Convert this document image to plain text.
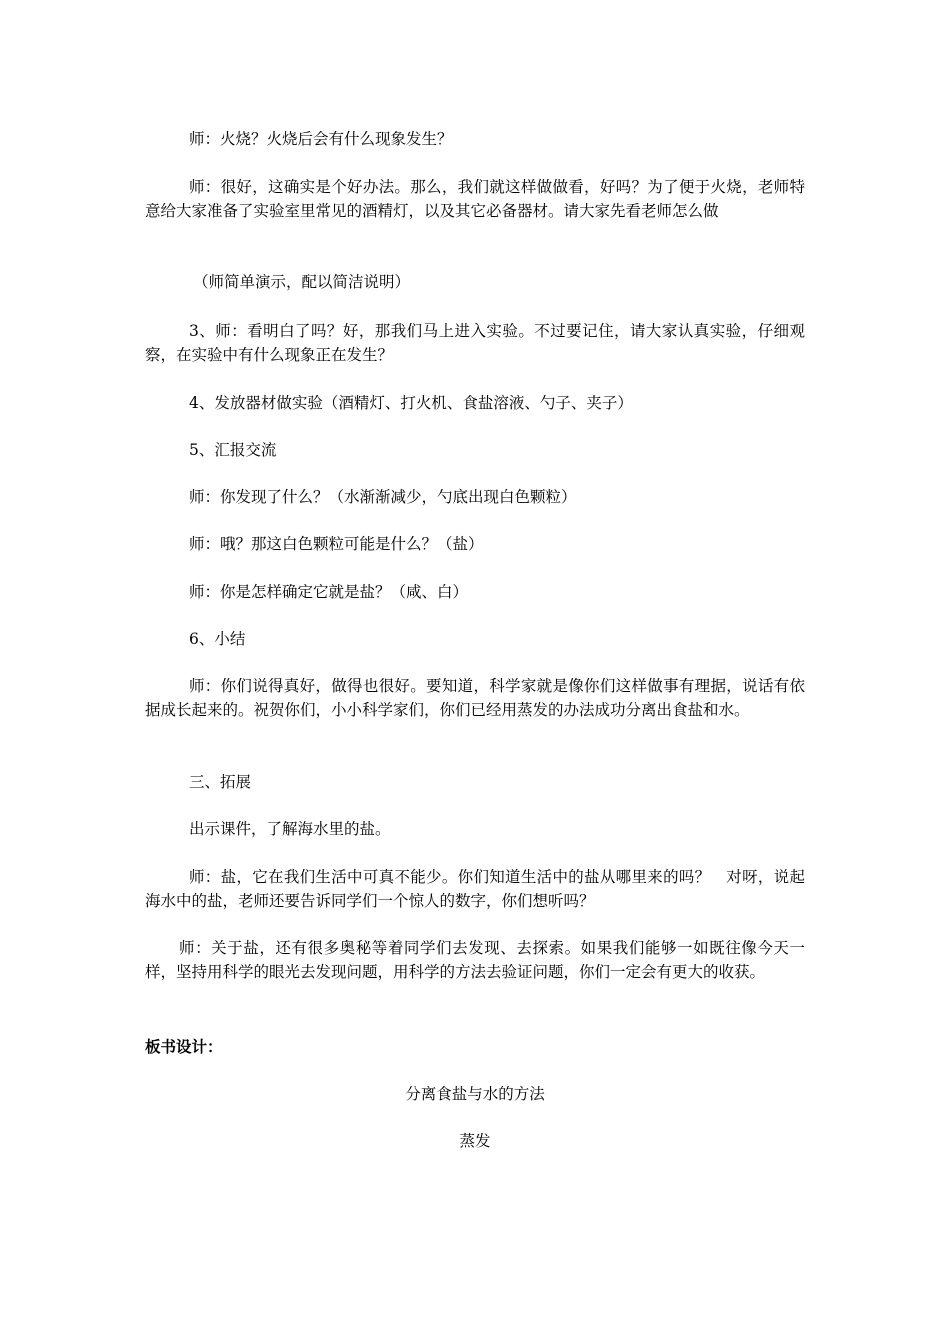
师：火烧？火烧后会有什么现象发生？

师：很好，这确实是个好办法。那么，我们就这样做做看，好吗？为了便于火烧，老师特意给大家准备了实验室里常见的酒精灯，以及其它必备器材。请大家先看老师怎么做

（师简单演示，配以简洁说明）

3、师：看明白了吗？好，那我们马上进入实验。不过要记住，请大家认真实验，仔细观察，在实验中有什么现象正在发生？

4、发放器材做实验（酒精灯、打火机、食盐溶液、勺子、夹子）

5、汇报交流

师：你发现了什么？（水渐渐减少，勺底出现白色颗粒）

师：哦？那这白色颗粒可能是什么？（盐）

师：你是怎样确定它就是盐？（咸、白）

6、小结

师：你们说得真好，做得也很好。要知道，科学家就是像你们这样做事有理据，说话有依据成长起来的。祝贺你们，小小科学家们，你们已经用蒸发的办法成功分离出食盐和水。

三、拓展

出示课件，了解海水里的盐。

师：盐，它在我们生活中可真不能少。你们知道生活中的盐从哪里来的吗？　对呀，说起海水中的盐，老师还要告诉同学们一个惊人的数字，你们想听吗？

师：关于盐，还有很多奥秘等着同学们去发现、去探索。如果我们能够一如既往像今天一样，坚持用科学的眼光去发现问题，用科学的方法去验证问题，你们一定会有更大的收获。

板书设计：

分离食盐与水的方法

蒸发
